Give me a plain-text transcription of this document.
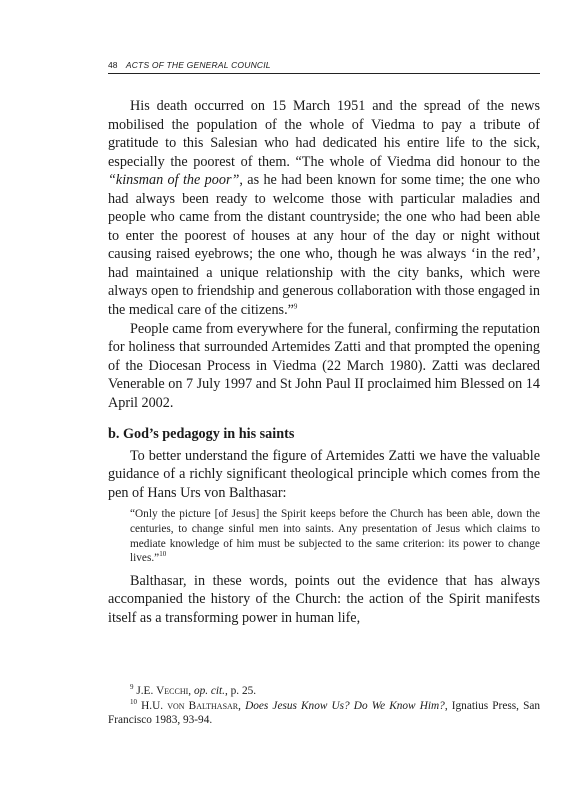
48 ACTS OF THE GENERAL COUNCIL

His death occurred on 15 March 1951 and the spread of the news mobilised the population of the whole of Viedma to pay a tribute of gratitude to this Salesian who had dedicated his entire life to the sick, especially the poorest of them. “The whole of Viedma did honour to the “kinsman of the poor”, as he had been known for some time; the one who had always been ready to welcome those with particular maladies and people who came from the distant countryside; the one who had been able to enter the poorest of houses at any hour of the day or night without causing raised eyebrows; the one who, though he was always ‘in the red’, had maintained a unique relationship with the city banks, which were always open to friendship and generous collaboration with those engaged in the medical care of the citizens.”$^9$

People came from everywhere for the funeral, confirming the reputation for holiness that surrounded Artemides Zatti and that prompted the opening of the Diocesan Process in Viedma (22 March 1980). Zatti was declared Venerable on 7 July 1997 and St John Paul II proclaimed him Blessed on 14 April 2002.

b. God’s pedagogy in his saints

To better understand the figure of Artemides Zatti we have the valuable guidance of a richly significant theological principle which comes from the pen of Hans Urs von Balthasar:

“Only the picture [of Jesus] the Spirit keeps before the Church has been able, down the centuries, to change sinful men into saints. Any presentation of Jesus which claims to mediate knowledge of him must be subjected to the same criterion: its power to change lives.”$^{10}$

Balthasar, in these words, points out the evidence that has always accompanied the history of the Church: the action of the Spirit manifests itself as a transforming power in human life,

$^9$ J.E. Vecchi, op. cit., p. 25.

$^{10}$ H.U. von Balthasar, Does Jesus Know Us? Do We Know Him?, Ignatius Press, San Francisco 1983, 93-94.
